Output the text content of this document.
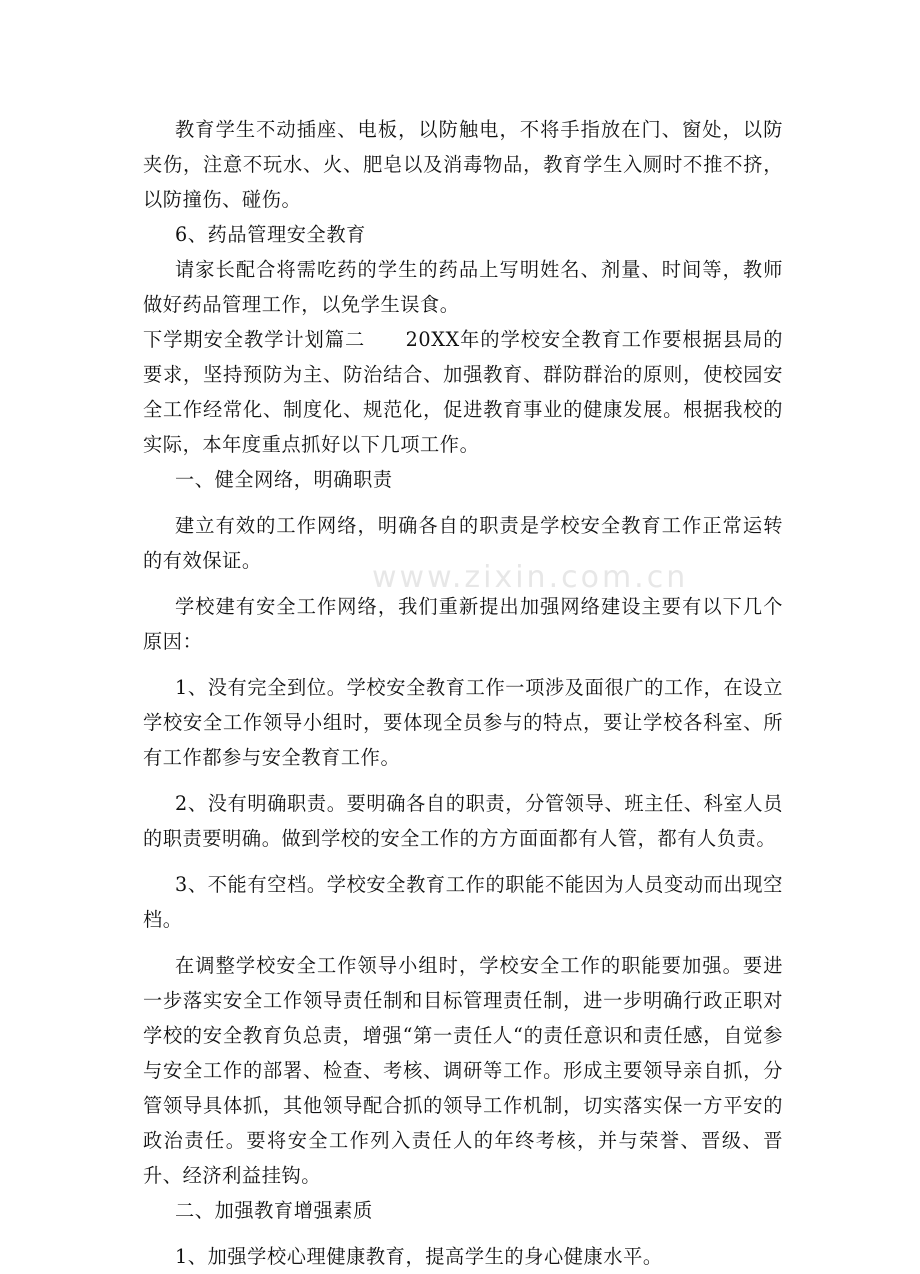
教育学生不动插座、电板，以防触电，不将手指放在门、窗处，以防夹伤，注意不玩水、火、肥皂以及消毒物品，教育学生入厕时不推不挤，以防撞伤、碰伤。

6、药品管理安全教育

请家长配合将需吃药的学生的药品上写明姓名、剂量、时间等，教师做好药品管理工作，以免学生误食。

下学期安全教学计划篇二　　20XX年的学校安全教育工作要根据县局的要求，坚持预防为主、防治结合、加强教育、群防群治的原则，使校园安全工作经常化、制度化、规范化，促进教育事业的健康发展。根据我校的实际，本年度重点抓好以下几项工作。

一、健全网络，明确职责

建立有效的工作网络，明确各自的职责是学校安全教育工作正常运转的有效保证。

学校建有安全工作网络，我们重新提出加强网络建设主要有以下几个原因：

1、没有完全到位。学校安全教育工作一项涉及面很广的工作，在设立学校安全工作领导小组时，要体现全员参与的特点，要让学校各科室、所有工作都参与安全教育工作。

2、没有明确职责。要明确各自的职责，分管领导、班主任、科室人员的职责要明确。做到学校的安全工作的方方面面都有人管，都有人负责。

3、不能有空档。学校安全教育工作的职能不能因为人员变动而出现空档。

在调整学校安全工作领导小组时，学校安全工作的职能要加强。要进一步落实安全工作领导责任制和目标管理责任制，进一步明确行政正职对学校的安全教育负总责，增强“第一责任人“的责任意识和责任感，自觉参与安全工作的部署、检查、考核、调研等工作。形成主要领导亲自抓，分管领导具体抓，其他领导配合抓的领导工作机制，切实落实保一方平安的政治责任。要将安全工作列入责任人的年终考核，并与荣誉、晋级、晋升、经济利益挂钩。

二、加强教育增强素质

1、加强学校心理健康教育，提高学生的身心健康水平。

www.zixin.com.cn
